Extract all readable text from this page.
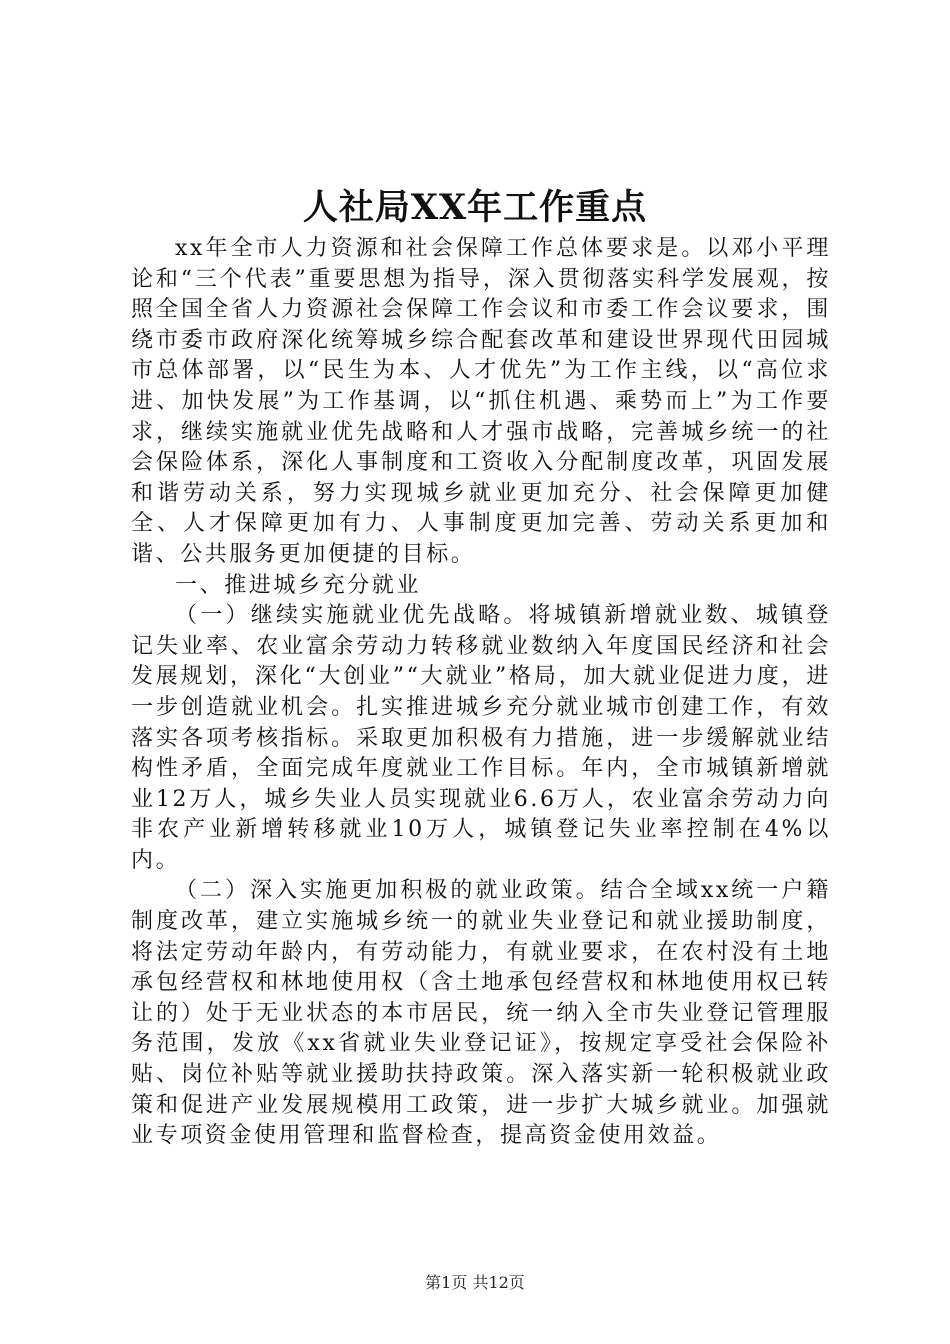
人社局XX年工作重点

xx年全市人力资源和社会保障工作总体要求是。以邓小平理论和“三个代表”重要思想为指导，深入贯彻落实科学发展观，按照全国全省人力资源社会保障工作会议和市委工作会议要求，围绕市委市政府深化统筹城乡综合配套改革和建设世界现代田园城市总体部署，以“民生为本、人才优先”为工作主线，以“高位求进、加快发展”为工作基调，以“抓住机遇、乘势而上”为工作要求，继续实施就业优先战略和人才强市战略，完善城乡统一的社会保险体系，深化人事制度和工资收入分配制度改革，巩固发展和谐劳动关系，努力实现城乡就业更加充分、社会保障更加健全、人才保障更加有力、人事制度更加完善、劳动关系更加和谐、公共服务更加便捷的目标。

一、推进城乡充分就业

（一）继续实施就业优先战略。将城镇新增就业数、城镇登记失业率、农业富余劳动力转移就业数纳入年度国民经济和社会发展规划，深化“大创业”“大就业”格局，加大就业促进力度，进一步创造就业机会。扎实推进城乡充分就业城市创建工作，有效落实各项考核指标。采取更加积极有力措施，进一步缓解就业结构性矛盾，全面完成年度就业工作目标。年内，全市城镇新增就业12万人，城乡失业人员实现就业6.6万人，农业富余劳动力向非农产业新增转移就业10万人，城镇登记失业率控制在4%以内。

（二）深入实施更加积极的就业政策。结合全域xx统一户籍制度改革，建立实施城乡统一的就业失业登记和就业援助制度，将法定劳动年龄内，有劳动能力，有就业要求，在农村没有土地承包经营权和林地使用权（含土地承包经营权和林地使用权已转让的）处于无业状态的本市居民，统一纳入全市失业登记管理服务范围，发放《xx省就业失业登记证》，按规定享受社会保险补贴、岗位补贴等就业援助扶持政策。深入落实新一轮积极就业政策和促进产业发展规模用工政策，进一步扩大城乡就业。加强就业专项资金使用管理和监督检查，提高资金使用效益。

第1页 共12页
